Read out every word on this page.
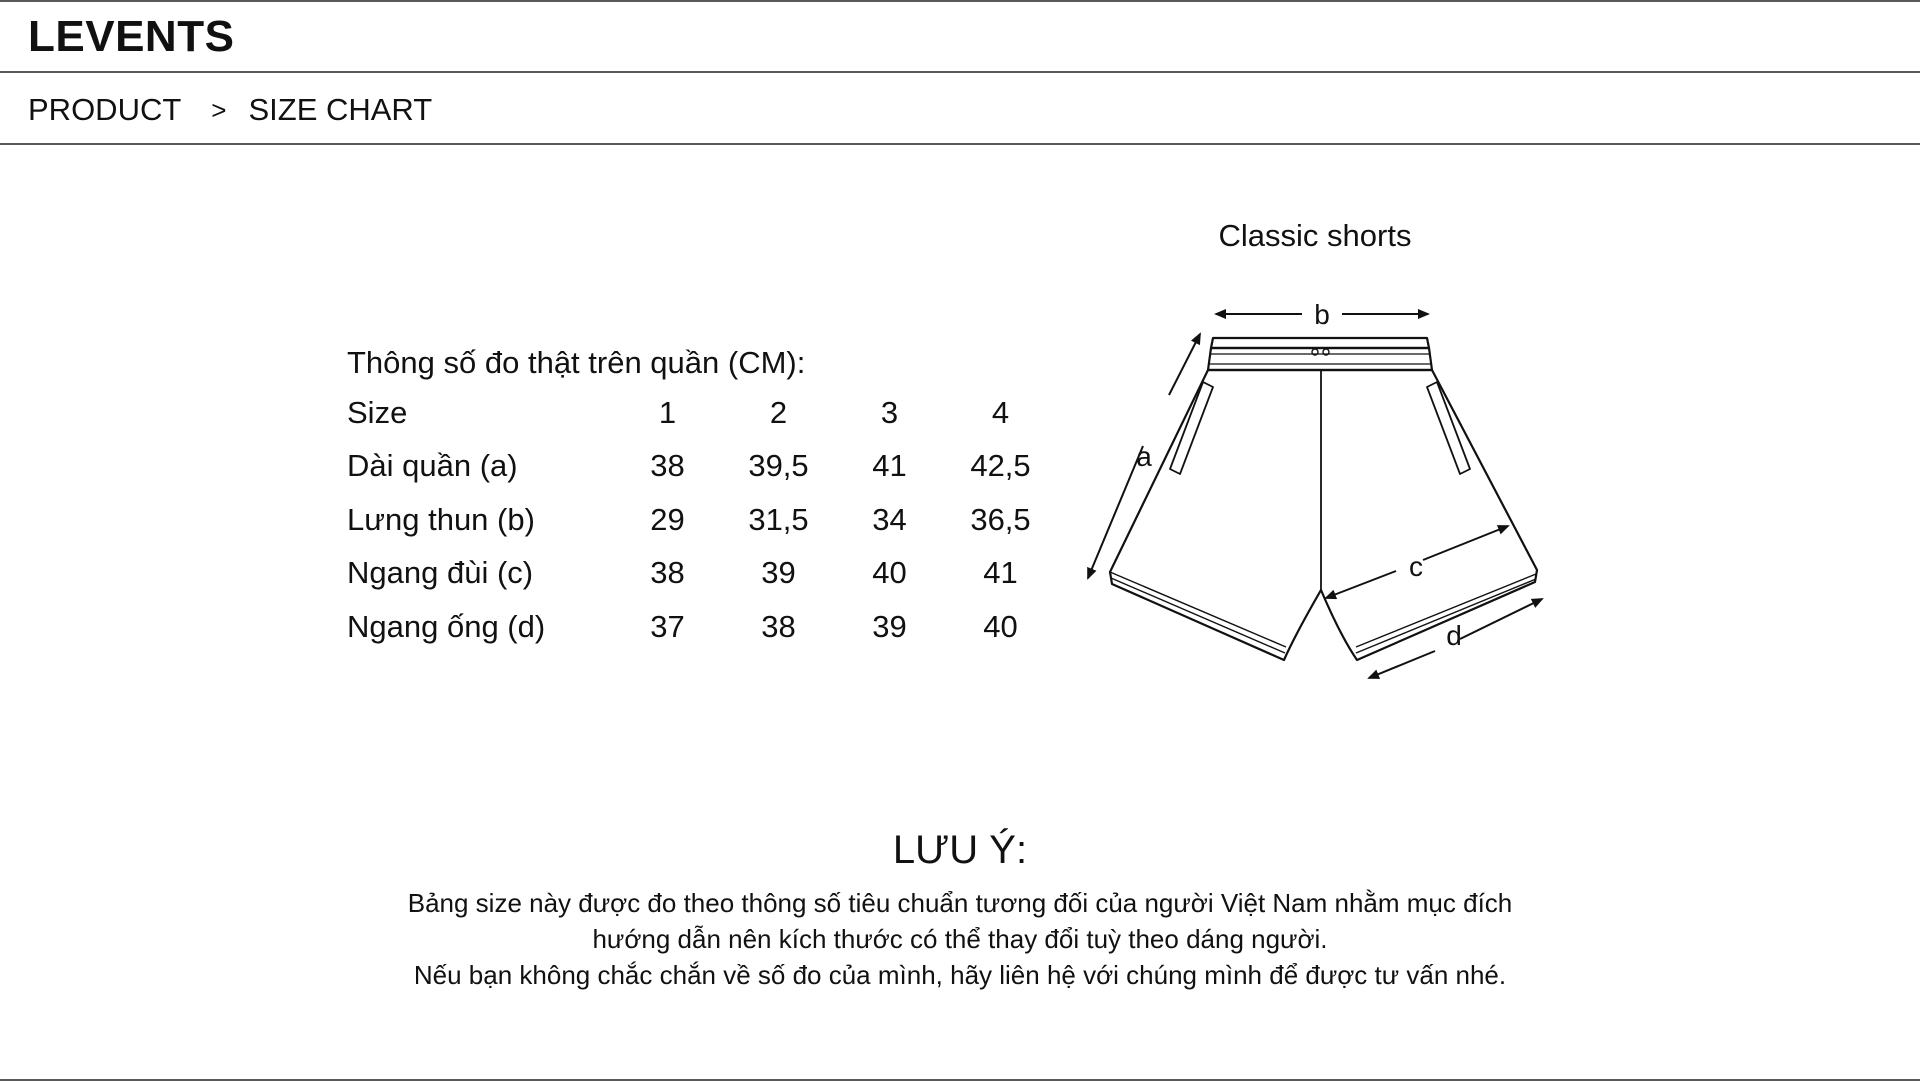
LEVENTS
PRODUCT > SIZE CHART
Thông số đo thật trên quần (CM):
Size	1	2	3	4
Dài quần (a)	38	39,5	41	42,5
Lưng thun (b)	29	31,5	34	36,5
Ngang đùi (c)	38	39	40	41
Ngang ống (d)	37	38	39	40
Classic shorts
b
a
c
d
LƯU Ý:
Bảng size này được đo theo thông số tiêu chuẩn tương đối của người Việt Nam nhằm mục đích
hướng dẫn nên kích thước có thể thay đổi tuỳ theo dáng người.
Nếu bạn không chắc chắn về số đo của mình, hãy liên hệ với chúng mình để được tư vấn nhé.
